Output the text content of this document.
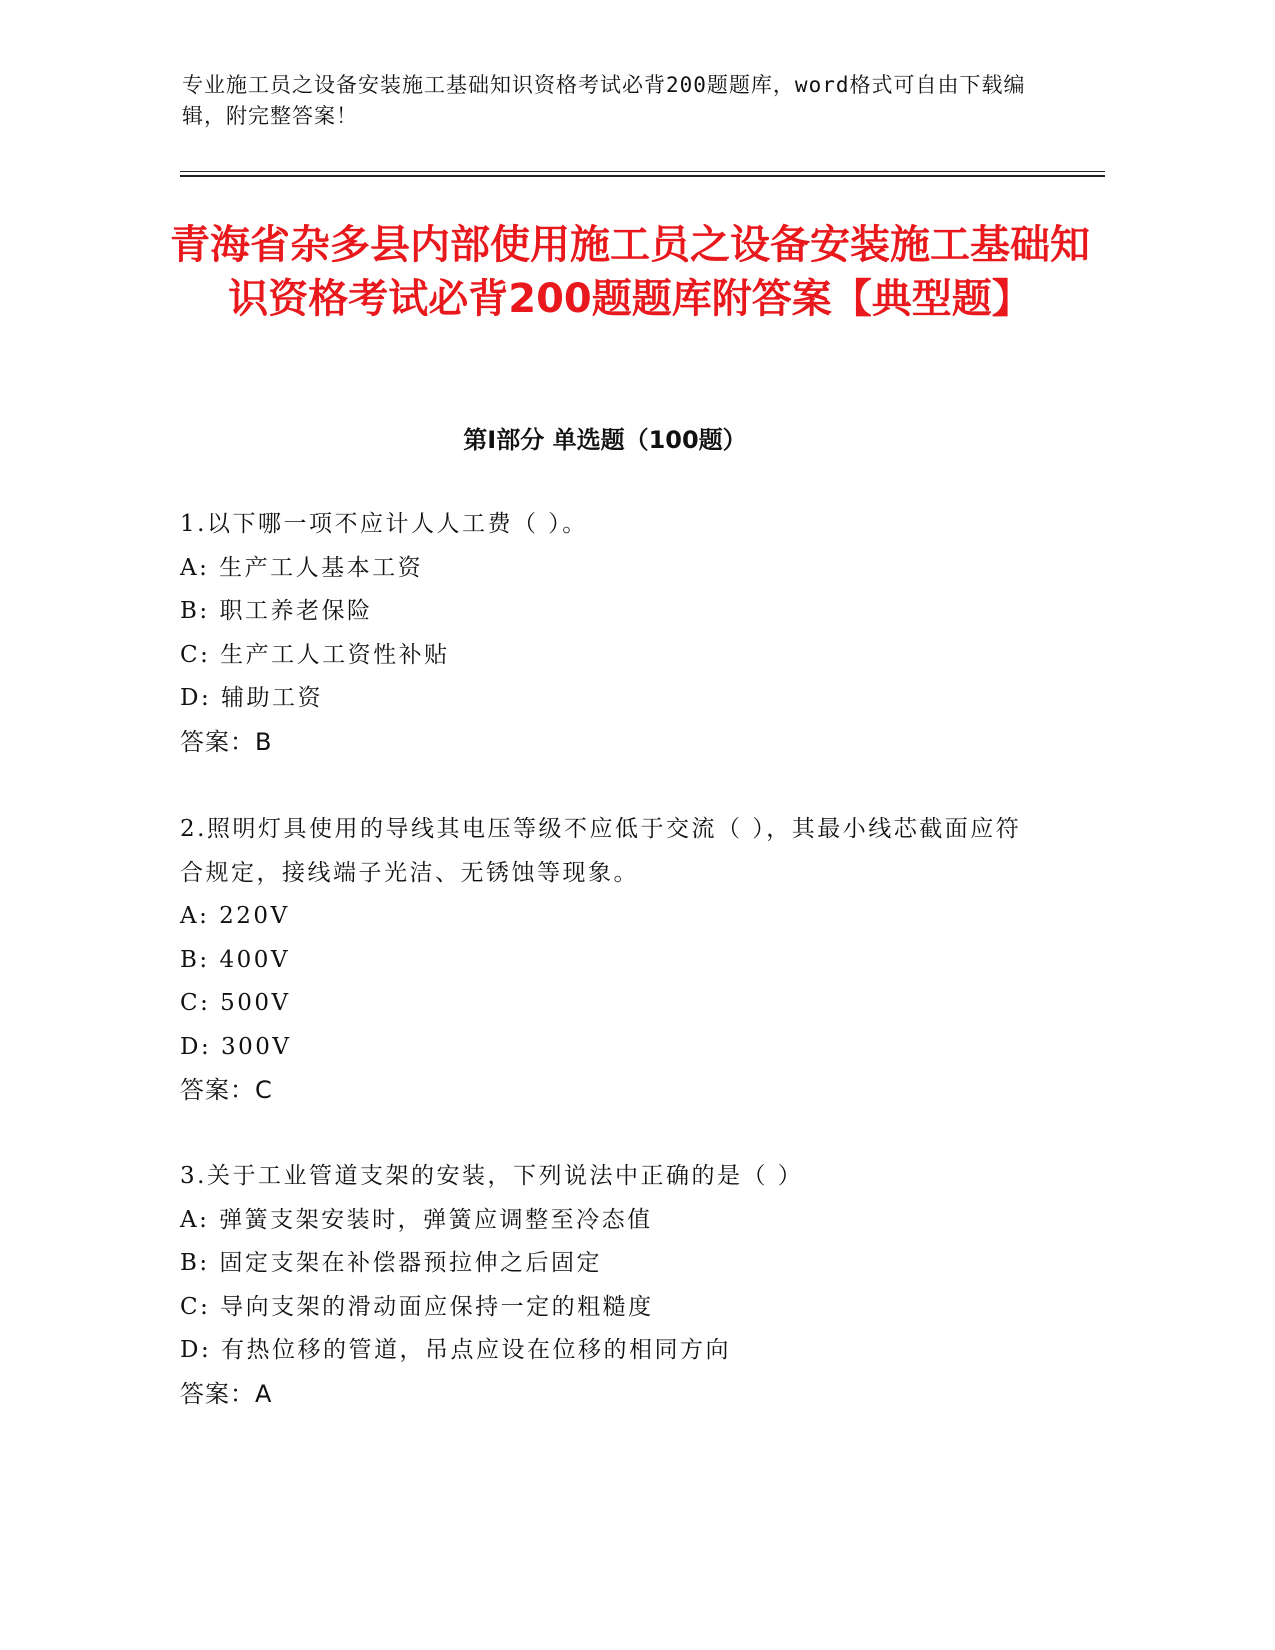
专业施工员之设备安装施工基础知识资格考试必背200题题库，word格式可自由下载编辑，附完整答案！
青海省杂多县内部使用施工员之设备安装施工基础知识资格考试必背200题题库附答案【典型题】
第Ⅰ部分 单选题（100题）
1.以下哪一项不应计人人工费（ ）。
A: 生产工人基本工资
B: 职工养老保险
C: 生产工人工资性补贴
D: 辅助工资
答案：B
2.照明灯具使用的导线其电压等级不应低于交流（ ），其最小线芯截面应符合规定，接线端子光洁、无锈蚀等现象。
A: 220V
B: 400V
C: 500V
D: 300V
答案：C
3.关于工业管道支架的安装，下列说法中正确的是（ ）
A: 弹簧支架安装时，弹簧应调整至冷态值
B: 固定支架在补偿器预拉伸之后固定
C: 导向支架的滑动面应保持一定的粗糙度
D: 有热位移的管道，吊点应设在位移的相同方向
答案：A
